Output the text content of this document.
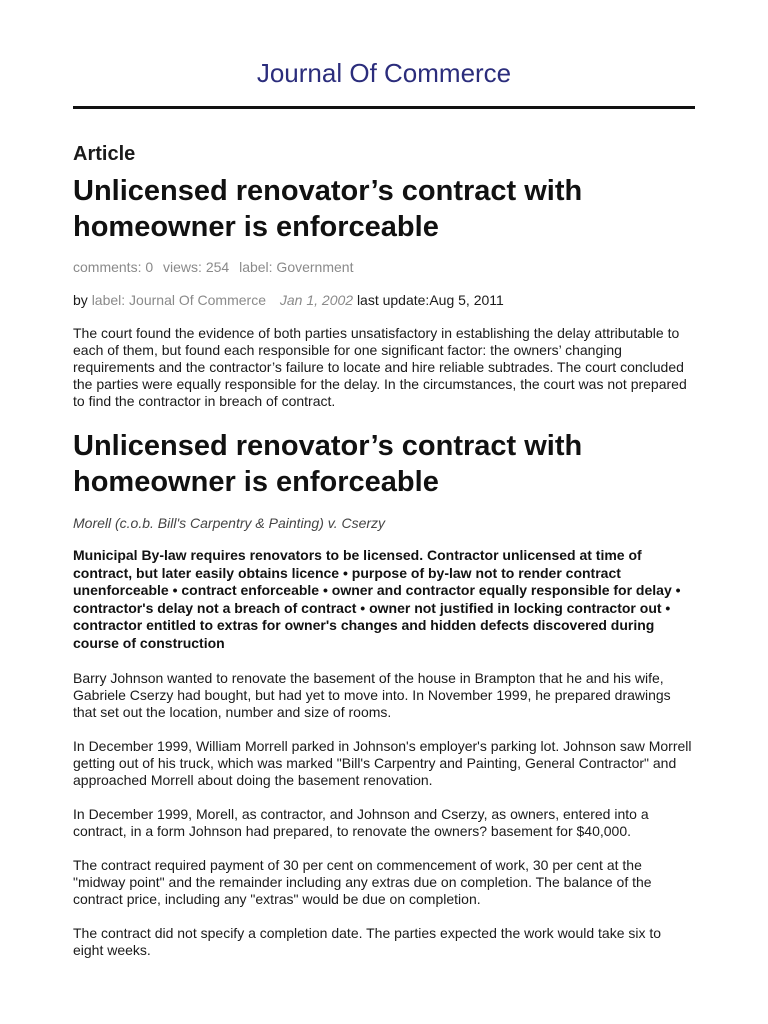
Journal Of Commerce
Article
Unlicensed renovator’s contract with homeowner is enforceable
comments: 0 views: 254 label: Government
by label: Journal Of Commerce Jan 1, 2002 last update:Aug 5, 2011

The court found the evidence of both parties unsatisfactory in establishing the delay attributable to each of them, but found each responsible for one significant factor: the owners’ changing requirements and the contractor’s failure to locate and hire reliable subtrades. The court concluded the parties were equally responsible for the delay. In the circumstances, the court was not prepared to find the contractor in breach of contract.

Unlicensed renovator’s contract with homeowner is enforceable
Morell (c.o.b. Bill's Carpentry & Painting) v. Cserzy

Municipal By-law requires renovators to be licensed. Contractor unlicensed at time of contract, but later easily obtains licence • purpose of by-law not to render contract unenforceable • contract enforceable • owner and contractor equally responsible for delay • contractor's delay not a breach of contract • owner not justified in locking contractor out • contractor entitled to extras for owner's changes and hidden defects discovered during course of construction

Barry Johnson wanted to renovate the basement of the house in Brampton that he and his wife, Gabriele Cserzy had bought, but had yet to move into. In November 1999, he prepared drawings that set out the location, number and size of rooms.

In December 1999, William Morrell parked in Johnson's employer's parking lot. Johnson saw Morrell getting out of his truck, which was marked "Bill's Carpentry and Painting, General Contractor" and approached Morrell about doing the basement renovation.

In December 1999, Morell, as contractor, and Johnson and Cserzy, as owners, entered into a contract, in a form Johnson had prepared, to renovate the owners? basement for $40,000.

The contract required payment of 30 per cent on commencement of work, 30 per cent at the "midway point" and the remainder including any extras due on completion. The balance of the contract price, including any "extras" would be due on completion.

The contract did not specify a completion date. The parties expected the work would take six to eight weeks.
